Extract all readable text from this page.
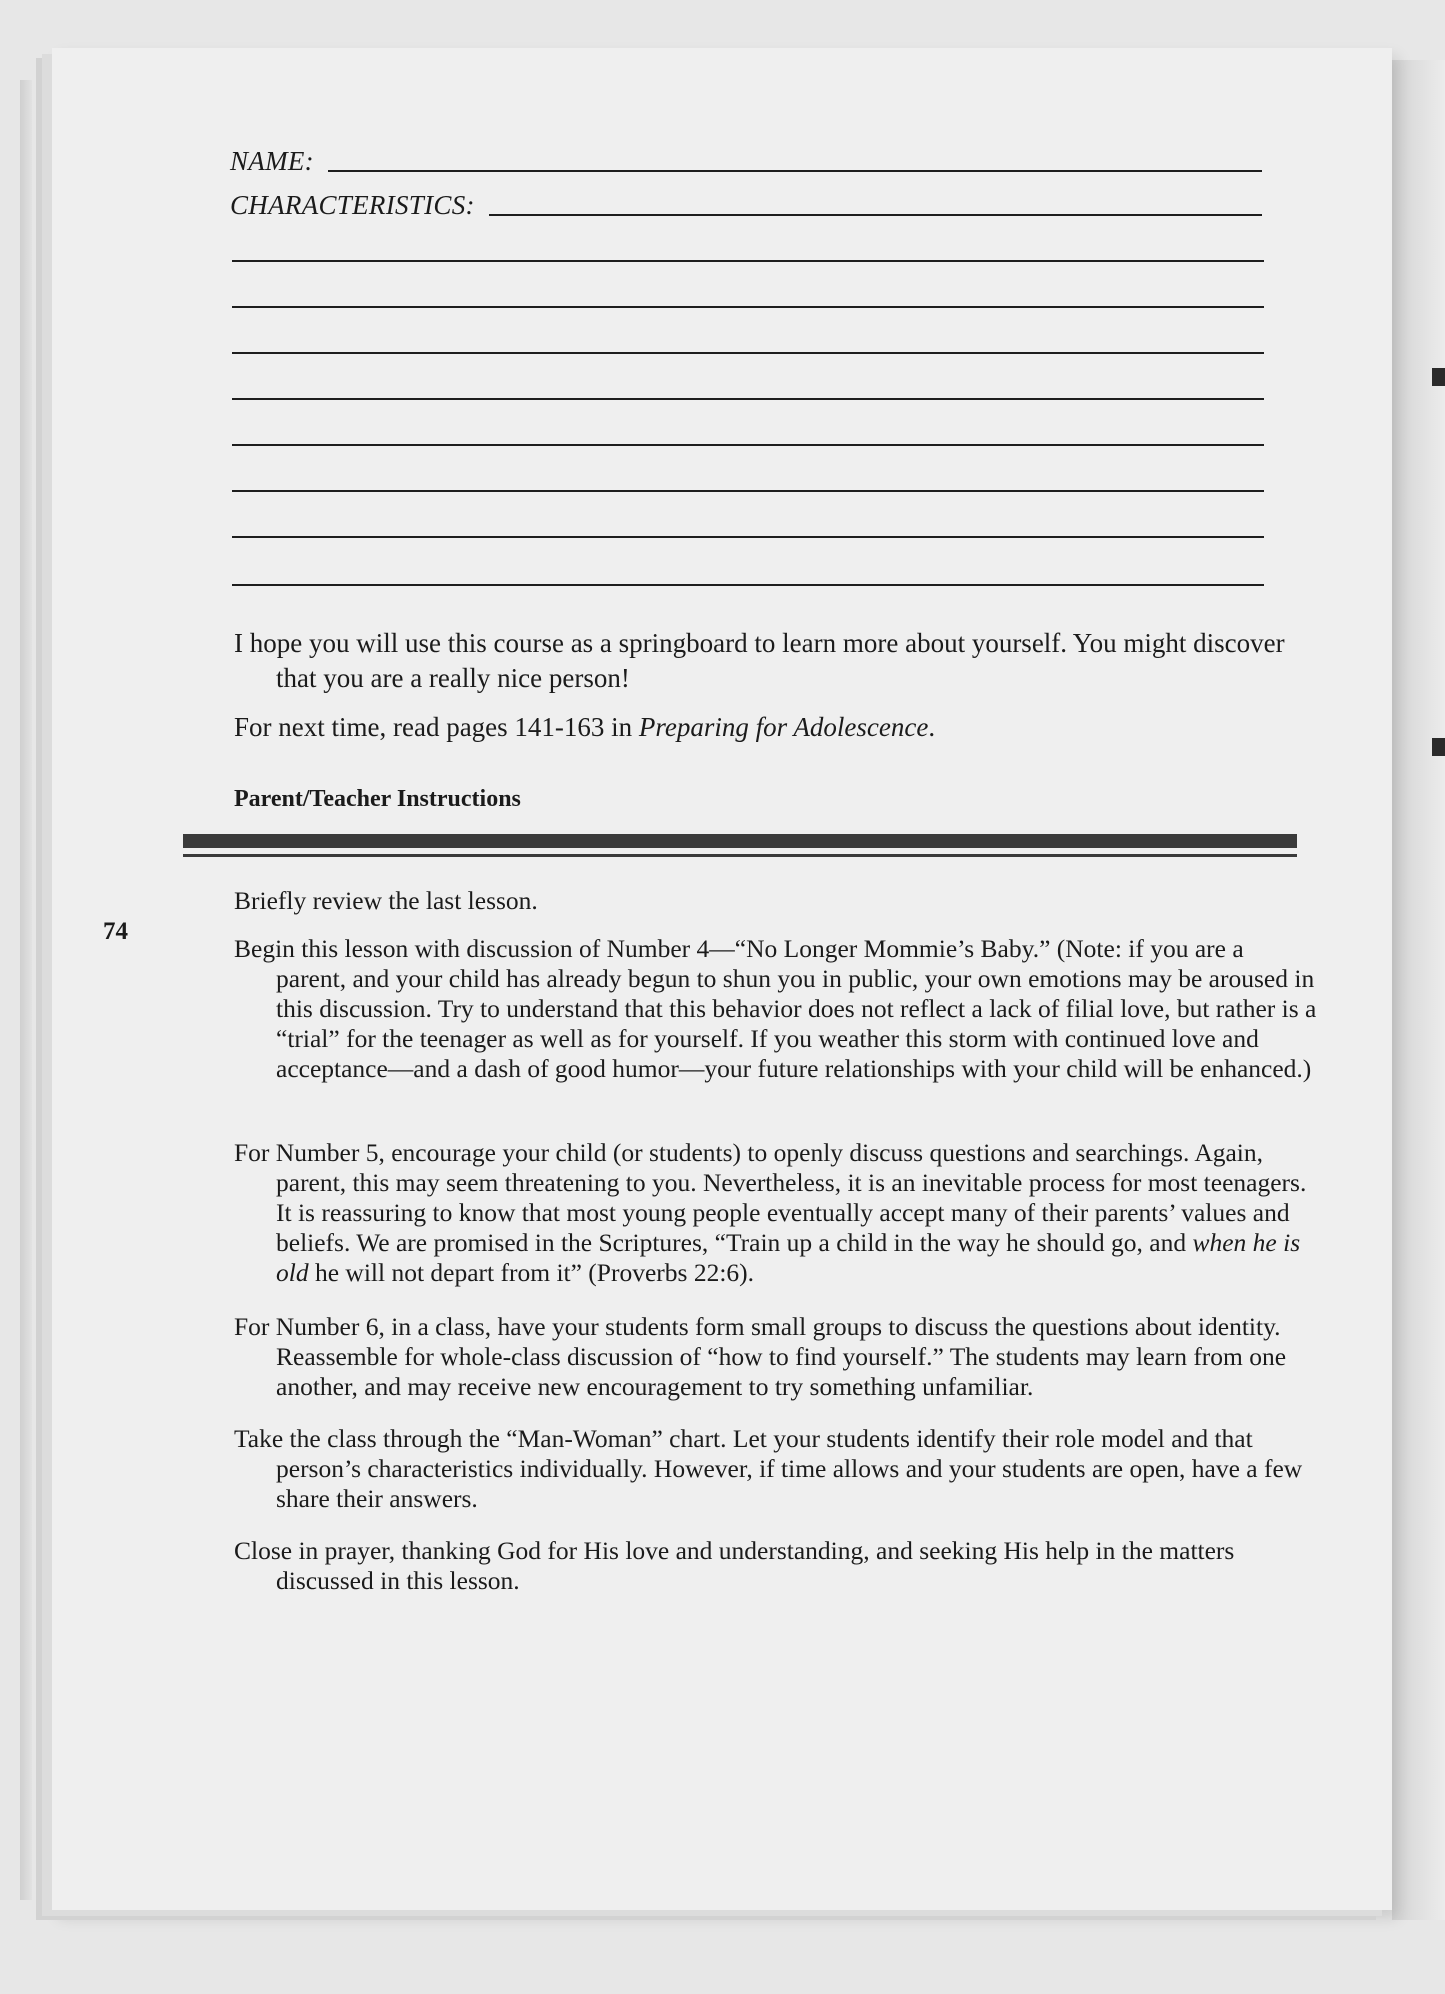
NAME:
CHARACTERISTICS:

I hope you will use this course as a springboard to learn more about yourself. You might discover that you are a really nice person!

For next time, read pages 141-163 in Preparing for Adolescence.

Parent/Teacher Instructions
74

Briefly review the last lesson.

Begin this lesson with discussion of Number 4—“No Longer Mommie’s Baby.” (Note: if you are a parent, and your child has already begun to shun you in public, your own emotions may be aroused in this discussion. Try to understand that this behavior does not reflect a lack of filial love, but rather is a “trial” for the teenager as well as for yourself. If you weather this storm with continued love and acceptance—and a dash of good humor—your future relationships with your child will be enhanced.)

For Number 5, encourage your child (or students) to openly discuss questions and searchings. Again, parent, this may seem threatening to you. Nevertheless, it is an inevitable process for most teenagers. It is reassuring to know that most young people eventually accept many of their parents’ values and beliefs. We are promised in the Scriptures, “Train up a child in the way he should go, and when he is old he will not depart from it” (Proverbs 22:6).

For Number 6, in a class, have your students form small groups to discuss the questions about identity. Reassemble for whole-class discussion of “how to find yourself.” The students may learn from one another, and may receive new encouragement to try something unfamiliar.

Take the class through the “Man-Woman” chart. Let your students identify their role model and that person’s characteristics individually. However, if time allows and your students are open, have a few share their answers.

Close in prayer, thanking God for His love and understanding, and seeking His help in the matters discussed in this lesson.
